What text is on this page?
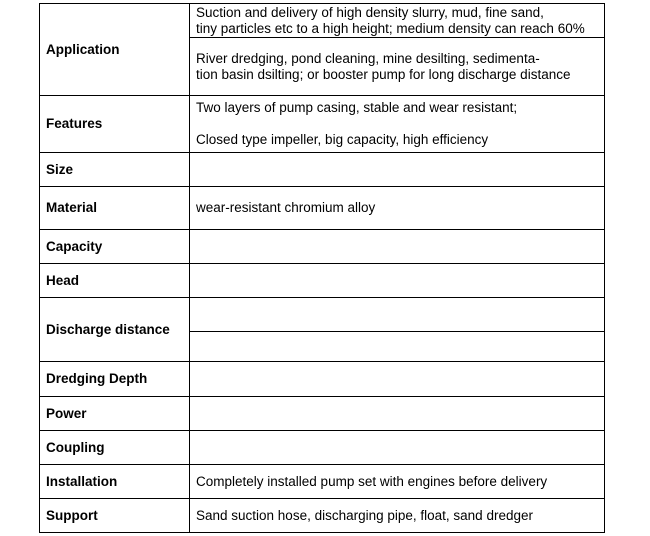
Application	Suction and delivery of high density slurry, mud, fine sand,
tiny particles etc to a high height; medium density can reach 60%

	River dredging, pond cleaning, mine desilting, sedimenta-
tion basin dsilting; or booster pump for long discharge distance

Features	Two layers of pump casing, stable and wear resistant;
Closed type impeller, big capacity, high efficiency

Size	
Material	wear-resistant chromium alloy
Capacity	
Head	
Discharge distance	

Dredging Depth	
Power	
Coupling	
Installation	Completely installed pump set with engines before delivery
Support	Sand suction hose, discharging pipe, float, sand dredger
